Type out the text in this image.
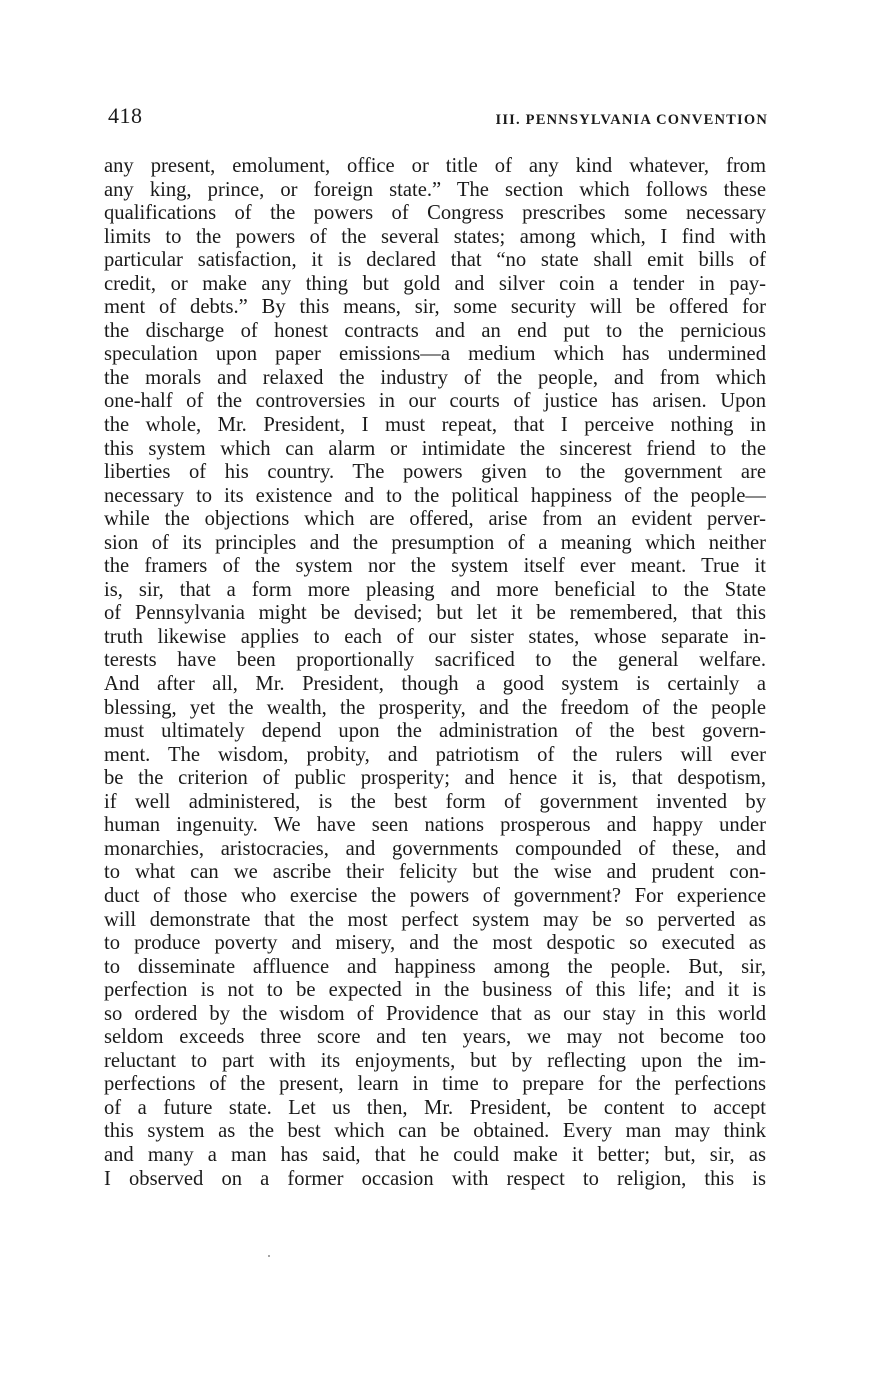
418	III. PENNSYLVANIA CONVENTION
any present, emolument, office or title of any kind whatever, from
any king, prince, or foreign state.” The section which follows these
qualifications of the powers of Congress prescribes some necessary
limits to the powers of the several states; among which, I find with
particular satisfaction, it is declared that “no state shall emit bills of
credit, or make any thing but gold and silver coin a tender in pay-
ment of debts.” By this means, sir, some security will be offered for
the discharge of honest contracts and an end put to the pernicious
speculation upon paper emissions—a medium which has undermined
the morals and relaxed the industry of the people, and from which
one-half of the controversies in our courts of justice has arisen. Upon
the whole, Mr. President, I must repeat, that I perceive nothing in
this system which can alarm or intimidate the sincerest friend to the
liberties of his country. The powers given to the government are
necessary to its existence and to the political happiness of the people—
while the objections which are offered, arise from an evident perver-
sion of its principles and the presumption of a meaning which neither
the framers of the system nor the system itself ever meant. True it
is, sir, that a form more pleasing and more beneficial to the State
of Pennsylvania might be devised; but let it be remembered, that this
truth likewise applies to each of our sister states, whose separate in-
terests have been proportionally sacrificed to the general welfare.
And after all, Mr. President, though a good system is certainly a
blessing, yet the wealth, the prosperity, and the freedom of the people
must ultimately depend upon the administration of the best govern-
ment. The wisdom, probity, and patriotism of the rulers will ever
be the criterion of public prosperity; and hence it is, that despotism,
if well administered, is the best form of government invented by
human ingenuity. We have seen nations prosperous and happy under
monarchies, aristocracies, and governments compounded of these, and
to what can we ascribe their felicity but the wise and prudent con-
duct of those who exercise the powers of government? For experience
will demonstrate that the most perfect system may be so perverted as
to produce poverty and misery, and the most despotic so executed as
to disseminate affluence and happiness among the people. But, sir,
perfection is not to be expected in the business of this life; and it is
so ordered by the wisdom of Providence that as our stay in this world
seldom exceeds three score and ten years, we may not become too
reluctant to part with its enjoyments, but by reflecting upon the im-
perfections of the present, learn in time to prepare for the perfections
of a future state. Let us then, Mr. President, be content to accept
this system as the best which can be obtained. Every man may think
and many a man has said, that he could make it better; but, sir, as
I observed on a former occasion with respect to religion, this is
